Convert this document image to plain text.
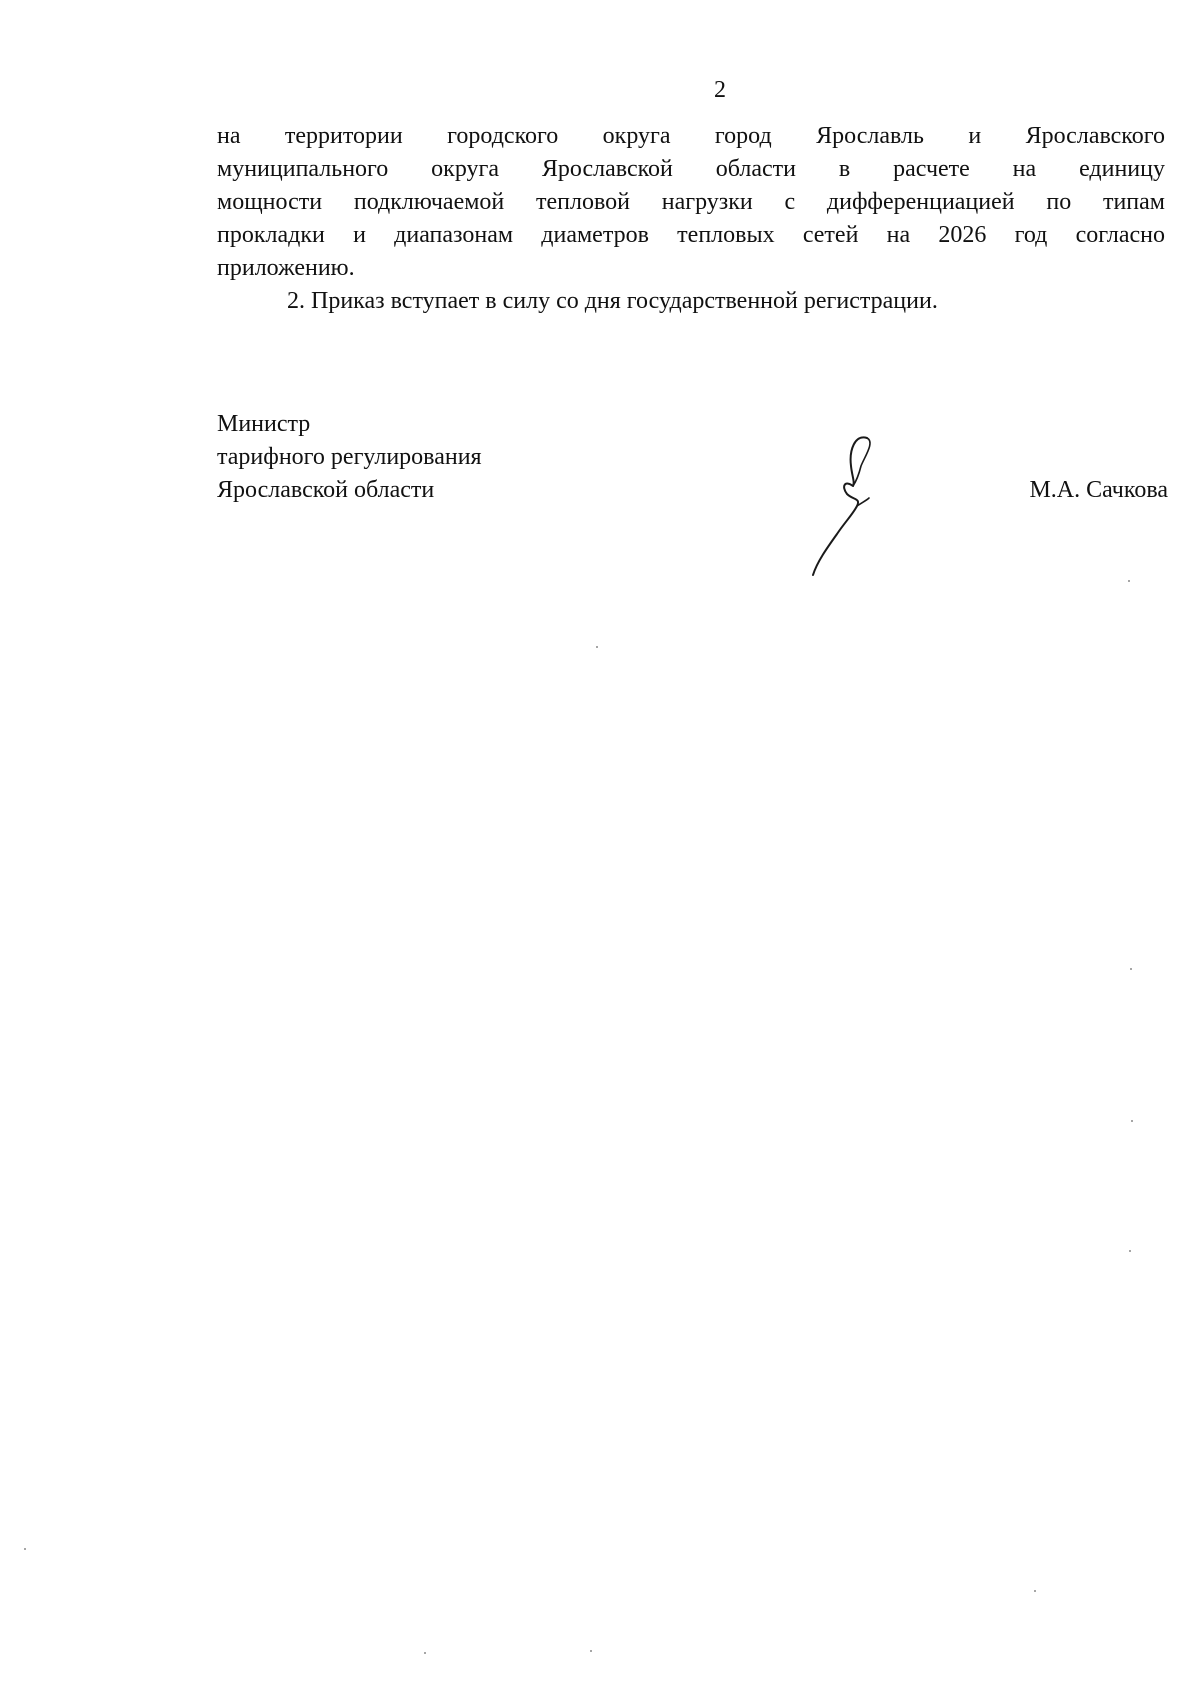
2
на территории городского округа город Ярославль и Ярославского
муниципального округа Ярославской области в расчете на единицу
мощности подключаемой тепловой нагрузки с дифференциацией по типам
прокладки и диапазонам диаметров тепловых сетей на 2026 год согласно
приложению.
2. Приказ вступает в силу со дня государственной регистрации.
Министр
тарифного регулирования
Ярославской области	М.А. Сачкова
